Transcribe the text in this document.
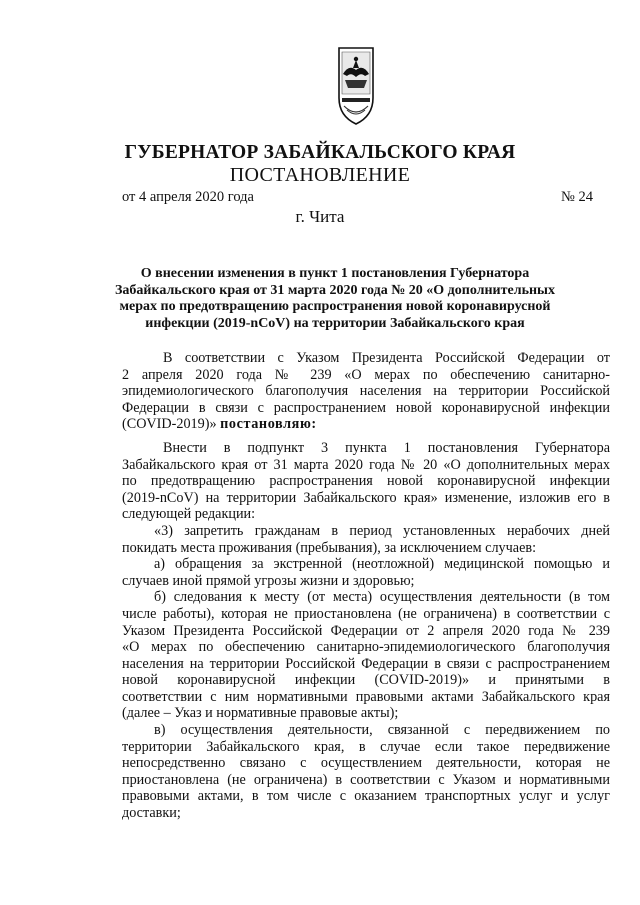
ГУБЕРНАТОР ЗАБАЙКАЛЬСКОГО КРАЯ
ПОСТАНОВЛЕНИЕ
от 4 апреля 2020 года	№ 24
г. Чита
О внесении изменения в пункт 1 постановления Губернатора
Забайкальского края от 31 марта 2020 года № 20 «О дополнительных
мерах по предотвращению распространения новой коронавирусной
инфекции (2019-nCoV) на территории Забайкальского края
В соответствии с Указом Президента Российской Федерации от
2 апреля 2020 года № 239 «О мерах по обеспечению санитарно-
эпидемиологического благополучия населения на территории Российской
Федерации в связи с распространением новой коронавирусной инфекции
(COVID-2019)» постановляю:
Внести в подпункт 3 пункта 1 постановления Губернатора
Забайкальского края от 31 марта 2020 года № 20 «О дополнительных мерах
по предотвращению распространения новой коронавирусной инфекции
(2019-nCoV) на территории Забайкальского края» изменение, изложив его в
следующей редакции:
«3) запретить гражданам в период установленных нерабочих дней
покидать места проживания (пребывания), за исключением случаев:
а) обращения за экстренной (неотложной) медицинской помощью и
случаев иной прямой угрозы жизни и здоровью;
б) следования к месту (от места) осуществления деятельности (в том
числе работы), которая не приостановлена (не ограничена) в соответствии с
Указом Президента Российской Федерации от 2 апреля 2020 года № 239
«О мерах по обеспечению санитарно-эпидемиологического благополучия
населения на территории Российской Федерации в связи с распространением
новой коронавирусной инфекции (COVID-2019)» и принятыми в
соответствии с ним нормативными правовыми актами Забайкальского края
(далее – Указ и нормативные правовые акты);
в) осуществления деятельности, связанной с передвижением по
территории Забайкальского края, в случае если такое передвижение
непосредственно связано с осуществлением деятельности, которая не
приостановлена (не ограничена) в соответствии с Указом и нормативными
правовыми актами, в том числе с оказанием транспортных услуг и услуг
доставки;
